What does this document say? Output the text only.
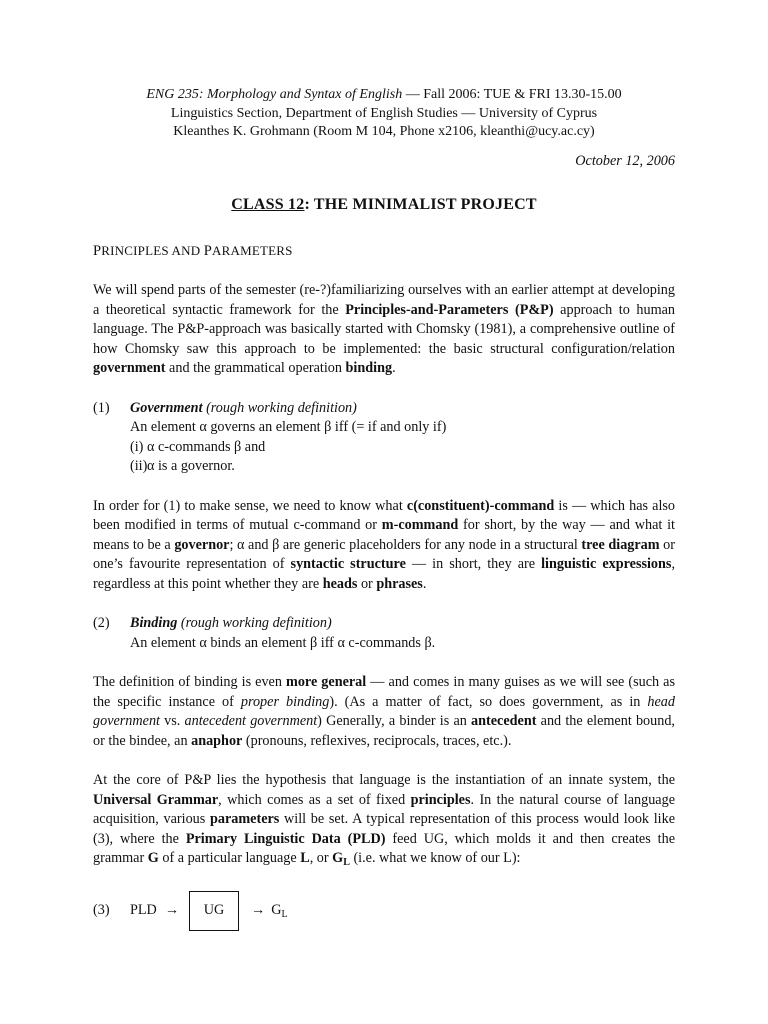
ENG 235: Morphology and Syntax of English — Fall 2006: TUE & FRI 13.30-15.00
Linguistics Section, Department of English Studies — University of Cyprus
Kleanthes K. Grohmann (Room M 104, Phone x2106, kleanthi@ucy.ac.cy)
October 12, 2006
CLASS 12: THE MINIMALIST PROJECT
PRINCIPLES AND PARAMETERS

We will spend parts of the semester (re-?)familiarizing ourselves with an earlier attempt at developing a theoretical syntactic framework for the Principles-and-Parameters (P&P) approach to human language. The P&P-approach was basically started with Chomsky (1981), a comprehensive outline of how Chomsky saw this approach to be implemented: the basic structural configuration/relation government and the grammatical operation binding.

(1)	Government (rough working definition)
An element α governs an element β iff (= if and only if)
(i) α c-commands β and
(ii) α is a governor.

In order for (1) to make sense, we need to know what c(constituent)-command is — which has also been modified in terms of mutual c-command or m-command for short, by the way — and what it means to be a governor; α and β are generic placeholders for any node in a structural tree diagram or one’s favourite representation of syntactic structure — in short, they are linguistic expressions, regardless at this point whether they are heads or phrases.

(2)	Binding (rough working definition)
An element α binds an element β iff α c-commands β.

The definition of binding is even more general — and comes in many guises as we will see (such as the specific instance of proper binding). (As a matter of fact, so does government, as in head government vs. antecedent government) Generally, a binder is an antecedent and the element bound, or the bindee, an anaphor (pronouns, reflexives, reciprocals, traces, etc.).

At the core of P&P lies the hypothesis that language is the instantiation of an innate system, the Universal Grammar, which comes as a set of fixed principles. In the natural course of language acquisition, various parameters will be set. A typical representation of this process would look like (3), where the Primary Linguistic Data (PLD) feed UG, which molds it and then creates the grammar G of a particular language L, or $G_L$ (i.e. what we know of our L):

(3)	PLD →	UG	→ $G_L$
